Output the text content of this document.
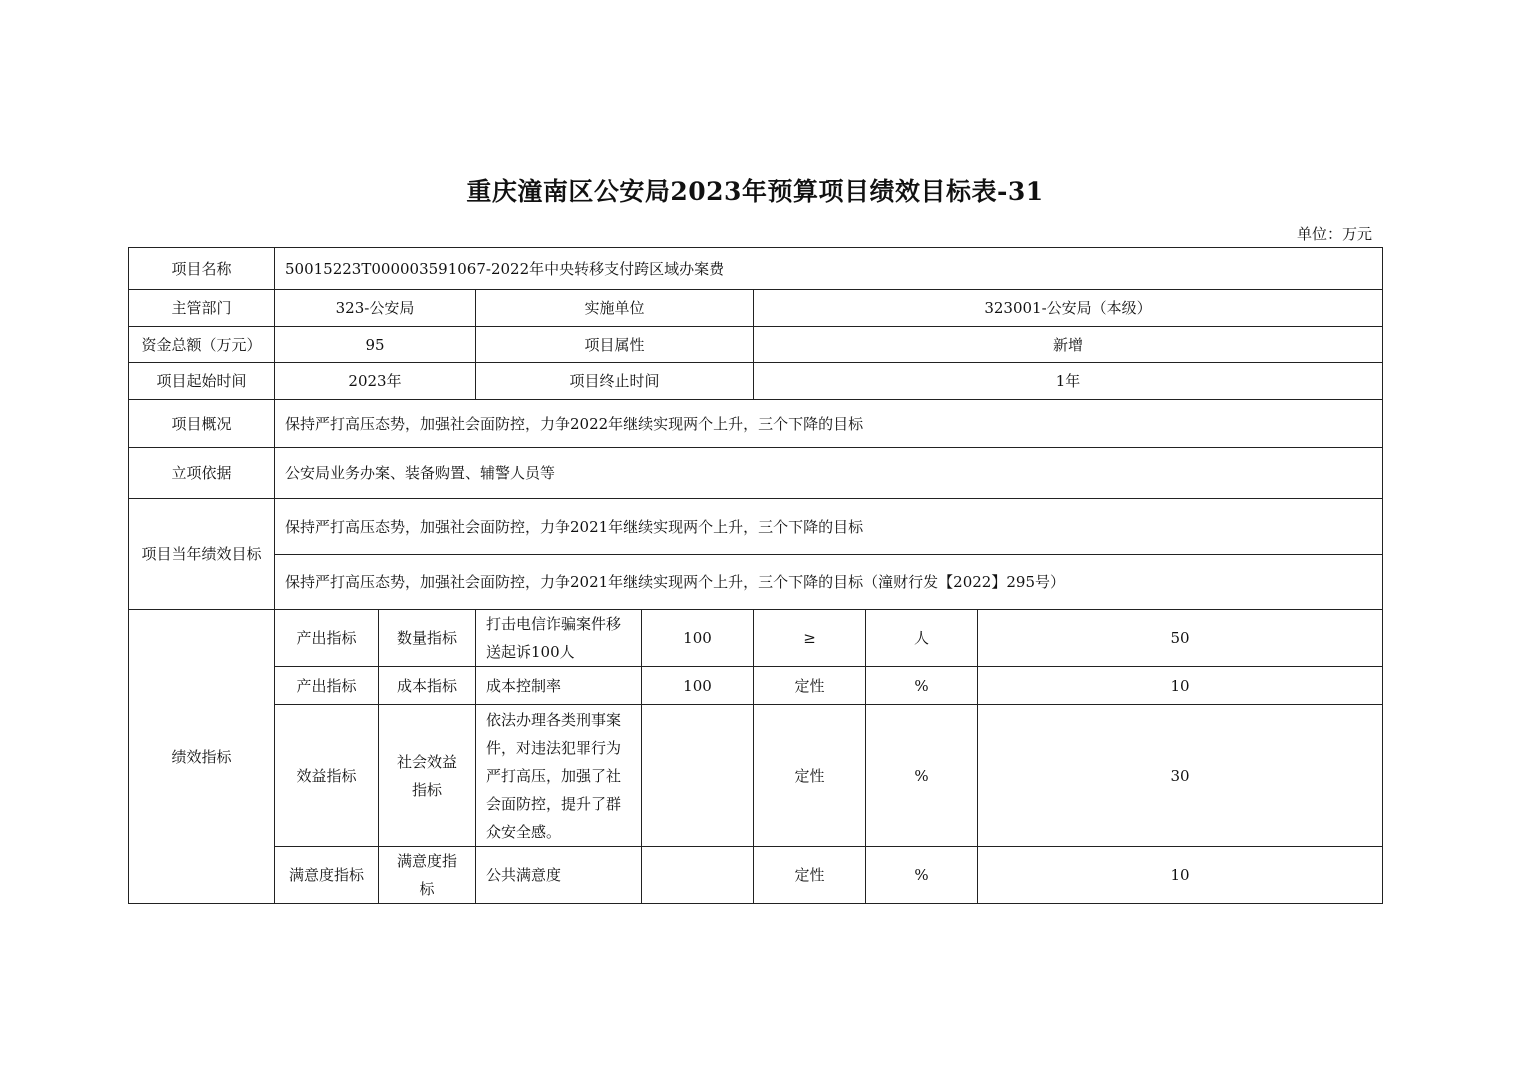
重庆潼南区公安局2023年预算项目绩效目标表-31
单位：万元
项目名称	50015223T000003591067-2022年中央转移支付跨区域办案费						
主管部门	323-公安局		实施单位		323001-公安局（本级）		
资金总额（万元）	95		项目属性		新增		
项目起始时间	2023年		项目终止时间		1年		
项目概况	保持严打高压态势，加强社会面防控，力争2022年继续实现两个上升，三个下降的目标						
立项依据	公安局业务办案、装备购置、辅警人员等						
项目当年绩效目标	保持严打高压态势，加强社会面防控，力争2021年继续实现两个上升，三个下降的目标						
	保持严打高压态势，加强社会面防控，力争2021年继续实现两个上升，三个下降的目标（潼财行发【2022】295号）						
绩效指标	产出指标	数量指标	打击电信诈骗案件移送起诉100人	100	≥	人	50
	产出指标	成本指标	成本控制率	100	定性	%	10
	效益指标	社会效益指标	依法办理各类刑事案件，对违法犯罪行为严打高压，加强了社会面防控，提升了群众安全感。		定性	%	30
	满意度指标	满意度指标	公共满意度		定性	%	10
